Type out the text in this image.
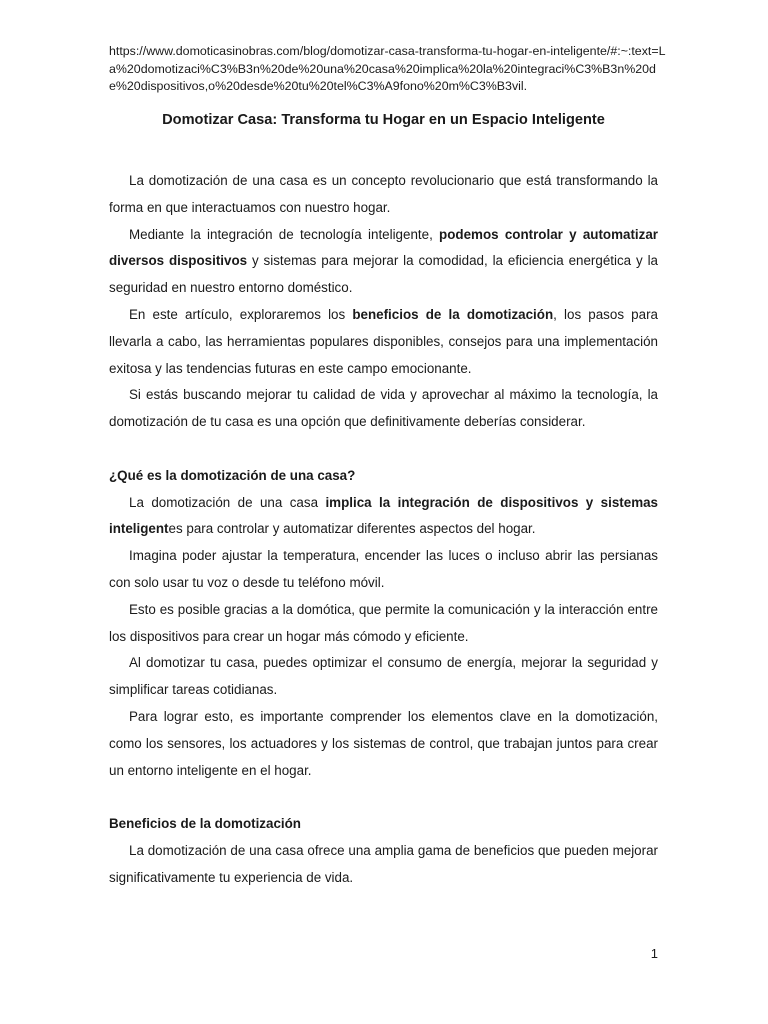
https://www.domoticasinobras.com/blog/domotizar-casa-transforma-tu-hogar-en-inteligente/#:~:text=La%20domotizaci%C3%B3n%20de%20una%20casa%20implica%20la%20integraci%C3%B3n%20de%20dispositivos,o%20desde%20tu%20tel%C3%A9fono%20m%C3%B3vil.
Domotizar Casa: Transforma tu Hogar en un Espacio Inteligente

La domotización de una casa es un concepto revolucionario que está transformando la forma en que interactuamos con nuestro hogar.

Mediante la integración de tecnología inteligente, podemos controlar y automatizar diversos dispositivos y sistemas para mejorar la comodidad, la eficiencia energética y la seguridad en nuestro entorno doméstico.

En este artículo, exploraremos los beneficios de la domotización, los pasos para llevarla a cabo, las herramientas populares disponibles, consejos para una implementación exitosa y las tendencias futuras en este campo emocionante.

Si estás buscando mejorar tu calidad de vida y aprovechar al máximo la tecnología, la domotización de tu casa es una opción que definitivamente deberías considerar.

¿Qué es la domotización de una casa?

La domotización de una casa implica la integración de dispositivos y sistemas inteligentes para controlar y automatizar diferentes aspectos del hogar.

Imagina poder ajustar la temperatura, encender las luces o incluso abrir las persianas con solo usar tu voz o desde tu teléfono móvil.

Esto es posible gracias a la domótica, que permite la comunicación y la interacción entre los dispositivos para crear un hogar más cómodo y eficiente.

Al domotizar tu casa, puedes optimizar el consumo de energía, mejorar la seguridad y simplificar tareas cotidianas.

Para lograr esto, es importante comprender los elementos clave en la domotización, como los sensores, los actuadores y los sistemas de control, que trabajan juntos para crear un entorno inteligente en el hogar.

Beneficios de la domotización

La domotización de una casa ofrece una amplia gama de beneficios que pueden mejorar significativamente tu experiencia de vida.

1
